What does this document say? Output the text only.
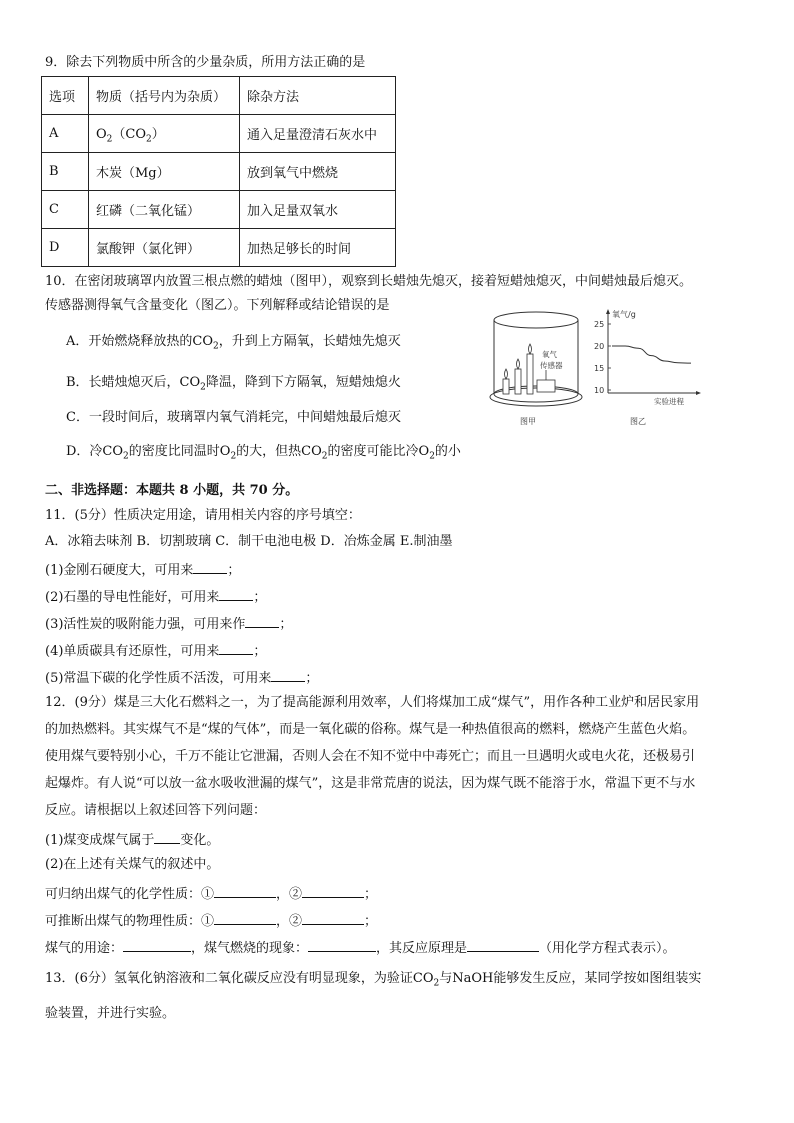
9．除去下列物质中所含的少量杂质，所用方法正确的是
选项	物质（括号内为杂质）	除杂方法
A	$O_2(CO_2)$	通入足量澄清石灰水中
B	木炭（Mg）	放到氧气中燃烧
C	红磷（二氧化锰）	加入足量双氧水
D	氯酸钾（氯化钾）	加热足够长的时间
10．在密闭玻璃罩内放置三根点燃的蜡烛（图甲），观察到长蜡烛先熄灭，接着短蜡烛熄灭，中间蜡烛最后熄灭。
传感器测得氧气含量变化（图乙）。下列解释或结论错误的是
A．开始燃烧释放热的$CO_2$，升到上方隔氧，长蜡烛先熄灭
B．长蜡烛熄灭后，$CO_2$降温，降到下方隔氧，短蜡烛熄火
C．一段时间后，玻璃罩内氧气消耗完，中间蜡烛最后熄灭
D．冷$CO_2$的密度比同温时$O_2$的大，但热$CO_2$的密度可能比冷$O_2$的小
氧气
传感器
图甲
氧气/g
实验进程
25
20
15
10
图乙
二、非选择题：本题共 8 小题，共 70 分。
11．(5分）性质决定用途，请用相关内容的序号填空：
A．冰箱去味剂 B．切割玻璃 C．制干电池电极 D．冶炼金属 E.制油墨
(1)金刚石硬度大，可用来	；
(2)石墨的导电性能好，可用来	；
(3)活性炭的吸附能力强，可用来作	；
(4)单质碳具有还原性，可用来	；
(5)常温下碳的化学性质不活泼，可用来	；
12．(9分）煤是三大化石燃料之一，为了提高能源利用效率，人们将煤加工成“煤气”，用作各种工业炉和居民家用
的加热燃料。其实煤气不是“煤的气体”，而是一氧化碳的俗称。煤气是一种热值很高的燃料，燃烧产生蓝色火焰。
使用煤气要特别小心，千万不能让它泄漏，否则人会在不知不觉中中毒死亡；而且一旦遇明火或电火花，还极易引
起爆炸。有人说“可以放一盆水吸收泄漏的煤气”，这是非常荒唐的说法，因为煤气既不能溶于水，常温下更不与水
反应。请根据以上叙述回答下列问题：
(1)煤变成煤气属于 变化。
(2)在上述有关煤气的叙述中。
可归纳出煤气的化学性质：①	，②	；
可推断出煤气的物理性质：①	，②	；
煤气的用途：	，煤气燃烧的现象：	，其反应原理是	（用化学方程式表示）。
13．(6分）氢氧化钠溶液和二氧化碳反应没有明显现象，为验证$CO_2$与NaOH能够发生反应，某同学按如图组装实
验装置，并进行实验。
